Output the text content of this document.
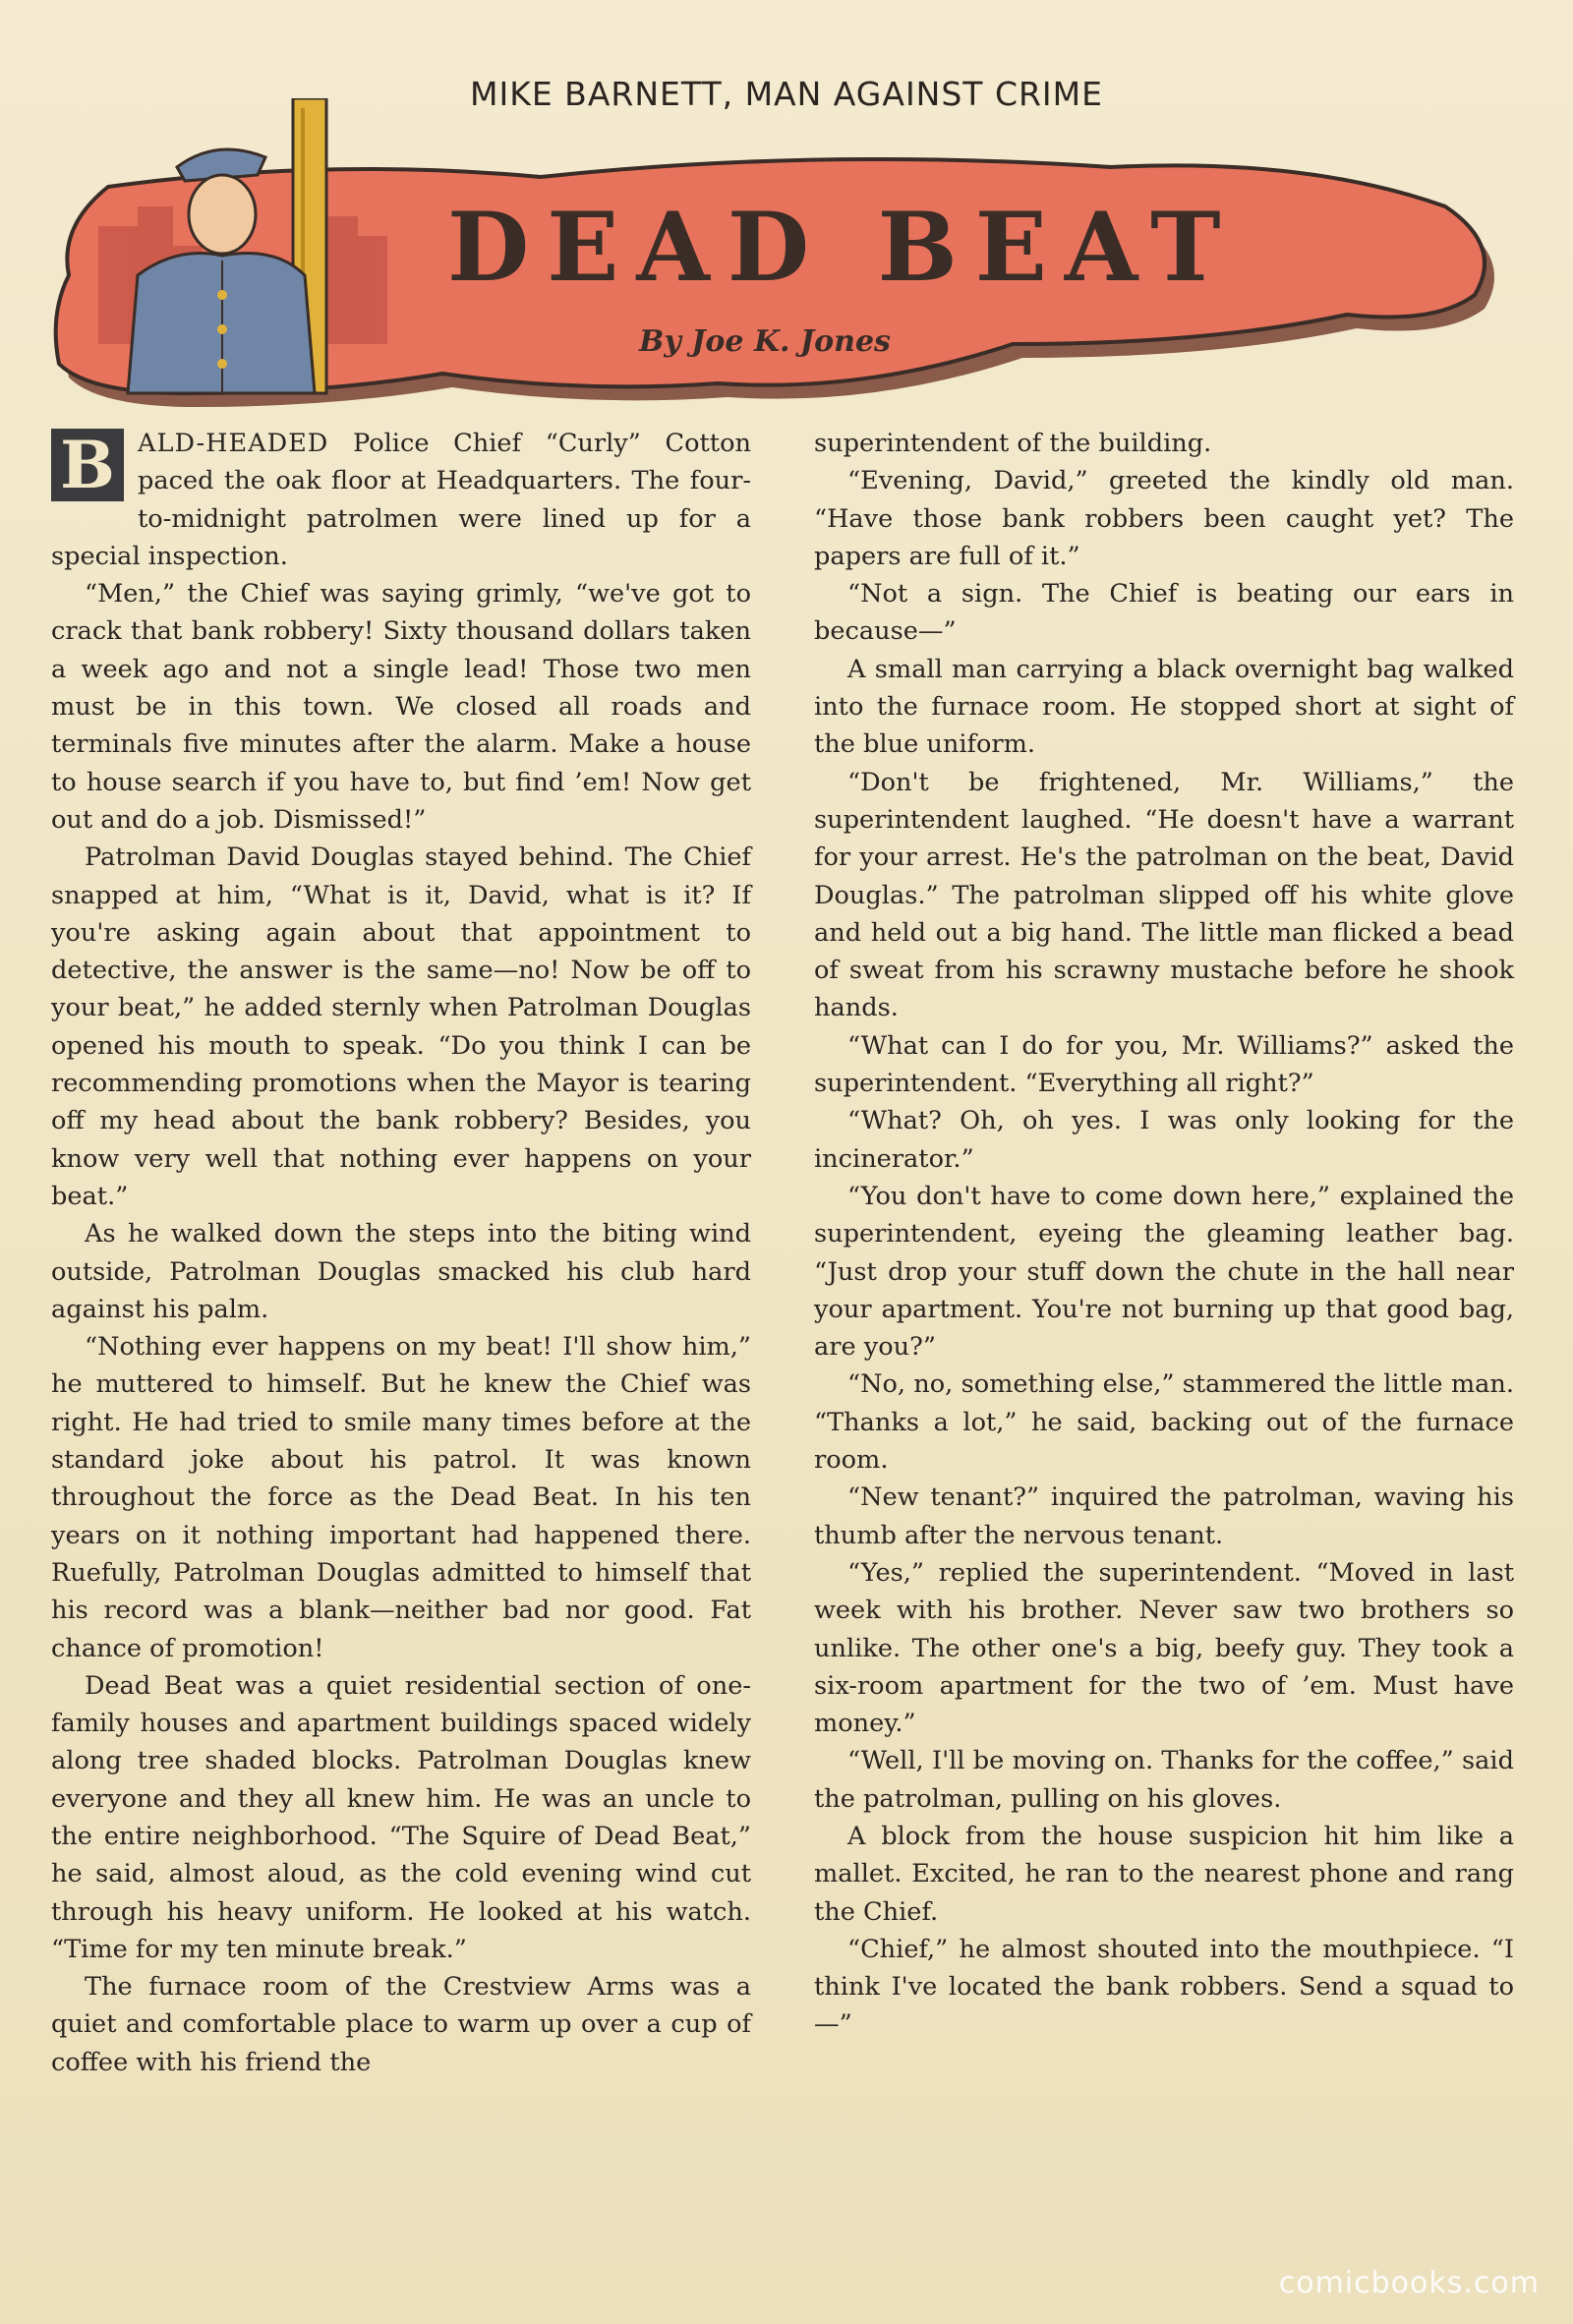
MIKE BARNETT, MAN AGAINST CRIME
DEAD BEAT
By Joe K. Jones

B ALD-HEADED Police Chief “Curly” Cotton paced the oak floor at Headquarters. The four-to-midnight patrolmen were lined up for a special inspection.

“Men,” the Chief was saying grimly, “we've got to crack that bank robbery! Sixty thousand dollars taken a week ago and not a single lead! Those two men must be in this town. We closed all roads and terminals five minutes after the alarm. Make a house to house search if you have to, but find ’em! Now get out and do a job. Dismissed!”

Patrolman David Douglas stayed behind. The Chief snapped at him, “What is it, David, what is it? If you're asking again about that appointment to detective, the answer is the same—no! Now be off to your beat,” he added sternly when Patrolman Douglas opened his mouth to speak. “Do you think I can be recommending promotions when the Mayor is tearing off my head about the bank robbery? Besides, you know very well that nothing ever happens on your beat.”

As he walked down the steps into the biting wind outside, Patrolman Douglas smacked his club hard against his palm.

“Nothing ever happens on my beat! I'll show him,” he muttered to himself. But he knew the Chief was right. He had tried to smile many times before at the standard joke about his patrol. It was known throughout the force as the Dead Beat. In his ten years on it nothing important had happened there. Ruefully, Patrolman Douglas admitted to himself that his record was a blank—neither bad nor good. Fat chance of promotion!

Dead Beat was a quiet residential section of one-family houses and apartment buildings spaced widely along tree shaded blocks. Patrolman Douglas knew everyone and they all knew him. He was an uncle to the entire neighborhood. “The Squire of Dead Beat,” he said, almost aloud, as the cold evening wind cut through his heavy uniform. He looked at his watch. “Time for my ten minute break.”

The furnace room of the Crestview Arms was a quiet and comfortable place to warm up over a cup of coffee with his friend the

superintendent of the building.

“Evening, David,” greeted the kindly old man. “Have those bank robbers been caught yet? The papers are full of it.”

“Not a sign. The Chief is beating our ears in because—”

A small man carrying a black overnight bag walked into the furnace room. He stopped short at sight of the blue uniform.

“Don't be frightened, Mr. Williams,” the superintendent laughed. “He doesn't have a warrant for your arrest. He's the patrolman on the beat, David Douglas.” The patrolman slipped off his white glove and held out a big hand. The little man flicked a bead of sweat from his scrawny mustache before he shook hands.

“What can I do for you, Mr. Williams?” asked the superintendent. “Everything all right?”

“What? Oh, oh yes. I was only looking for the incinerator.”

“You don't have to come down here,” explained the superintendent, eyeing the gleaming leather bag. “Just drop your stuff down the chute in the hall near your apartment. You're not burning up that good bag, are you?”

“No, no, something else,” stammered the little man. “Thanks a lot,” he said, backing out of the furnace room.

“New tenant?” inquired the patrolman, waving his thumb after the nervous tenant.

“Yes,” replied the superintendent. “Moved in last week with his brother. Never saw two brothers so unlike. The other one's a big, beefy guy. They took a six-room apartment for the two of ’em. Must have money.”

“Well, I'll be moving on. Thanks for the coffee,” said the patrolman, pulling on his gloves.

A block from the house suspicion hit him like a mallet. Excited, he ran to the nearest phone and rang the Chief.

“Chief,” he almost shouted into the mouthpiece. “I think I've located the bank robbers. Send a squad to—”

comicbooks.com
